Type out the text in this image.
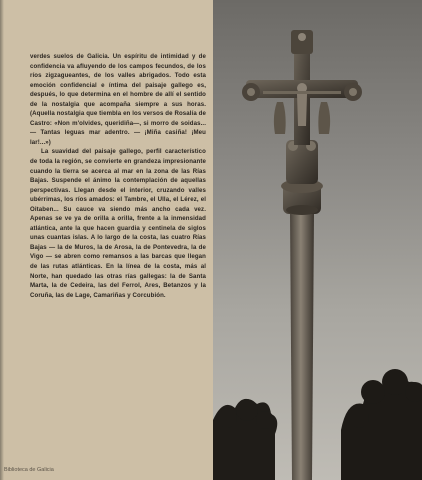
verdes suelos de Galicia. Un espíritu de intimidad y de confidencia va afluyendo de los campos fecundos, de los ríos zigzagueantes, de los valles abrigados. Todo esta emoción confidencial e íntima del paisaje gallego es, después, lo que determina en el hombre de allí el sentido de la nostalgia que acompaña siempre a sus horas. (Aquella nostalgia que tiembla en los versos de Rosalía de Castro: «Non m'olvides, queridiña—, si morro de soidas... — Tantas leguas mar adentro. — ¡Miña casiña! ¡Meu lar!...»)

La suavidad del paisaje gallego, perfil característico de toda la región, se convierte en grandeza impresionante cuando la tierra se acerca al mar en la zona de las Rías Bajas. Suspende el ánimo la contemplación de aquellas perspectivas. Llegan desde el interior, cruzando valles ubérrimas, los ríos amados: el Tambre, el Ulla, el Lérez, el Oitaben... Su cauce va siendo más ancho cada vez. Apenas se ve ya de orilla a orilla, frente a la inmensidad atlántica, ante la que hacen guardia y centinela de siglos unas cuantas islas. A lo largo de la costa, las cuatro Rías Bajas — la de Muros, la de Arosa, la de Pontevedra, la de Vigo — se abren como remansos a las barcas que llegan de las rutas atlánticas. En la línea de la costa, más al Norte, han quedado las otras rías gallegas: la de Santa Marta, la de Cedeira, las del Ferrol, Ares, Betanzos y la Coruña, las de Lage, Camariñas y Corcubión.

Biblioteca de Galicia
